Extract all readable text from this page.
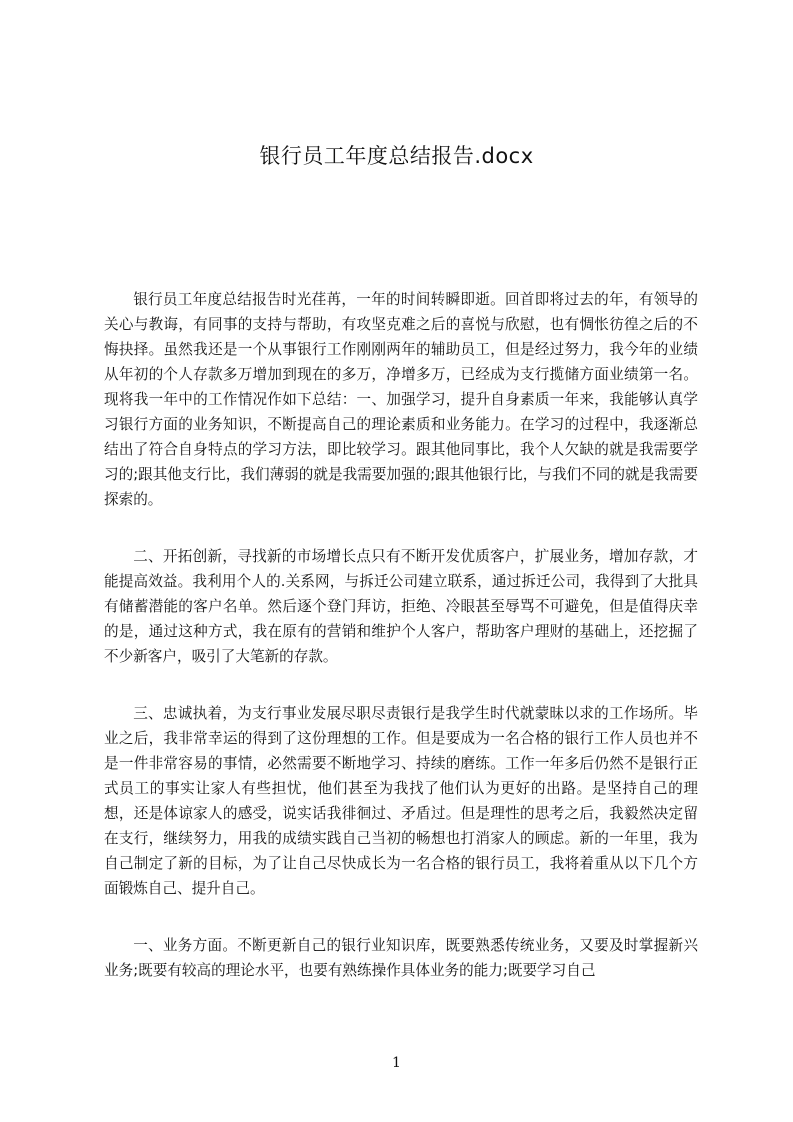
银行员工年度总结报告.docx

银行员工年度总结报告时光荏苒，一年的时间转瞬即逝。回首即将过去的年，有领导的关心与教诲，有同事的支持与帮助，有攻坚克难之后的喜悦与欣慰，也有惆怅彷徨之后的不悔抉择。虽然我还是一个从事银行工作刚刚两年的辅助员工，但是经过努力，我今年的业绩从年初的个人存款多万增加到现在的多万，净增多万，已经成为支行揽储方面业绩第一名。现将我一年中的工作情况作如下总结：一、加强学习，提升自身素质一年来，我能够认真学习银行方面的业务知识，不断提高自己的理论素质和业务能力。在学习的过程中，我逐渐总结出了符合自身特点的学习方法，即比较学习。跟其他同事比，我个人欠缺的就是我需要学习的;跟其他支行比，我们薄弱的就是我需要加强的;跟其他银行比，与我们不同的就是我需要探索的。

二、开拓创新，寻找新的市场增长点只有不断开发优质客户，扩展业务，增加存款，才能提高效益。我利用个人的.关系网，与拆迁公司建立联系，通过拆迁公司，我得到了大批具有储蓄潜能的客户名单。然后逐个登门拜访，拒绝、冷眼甚至辱骂不可避免，但是值得庆幸的是，通过这种方式，我在原有的营销和维护个人客户，帮助客户理财的基础上，还挖掘了不少新客户，吸引了大笔新的存款。

三、忠诚执着，为支行事业发展尽职尽责银行是我学生时代就蒙昧以求的工作场所。毕业之后，我非常幸运的得到了这份理想的工作。但是要成为一名合格的银行工作人员也并不是一件非常容易的事情，必然需要不断地学习、持续的磨练。工作一年多后仍然不是银行正式员工的事实让家人有些担忧，他们甚至为我找了他们认为更好的出路。是坚持自己的理想，还是体谅家人的感受，说实话我徘徊过、矛盾过。但是理性的思考之后，我毅然决定留在支行，继续努力，用我的成绩实践自己当初的畅想也打消家人的顾虑。新的一年里，我为自己制定了新的目标，为了让自己尽快成长为一名合格的银行员工，我将着重从以下几个方面锻炼自己、提升自己。

一、业务方面。不断更新自己的银行业知识库，既要熟悉传统业务，又要及时掌握新兴业务;既要有较高的理论水平，也要有熟练操作具体业务的能力;既要学习自己

1
